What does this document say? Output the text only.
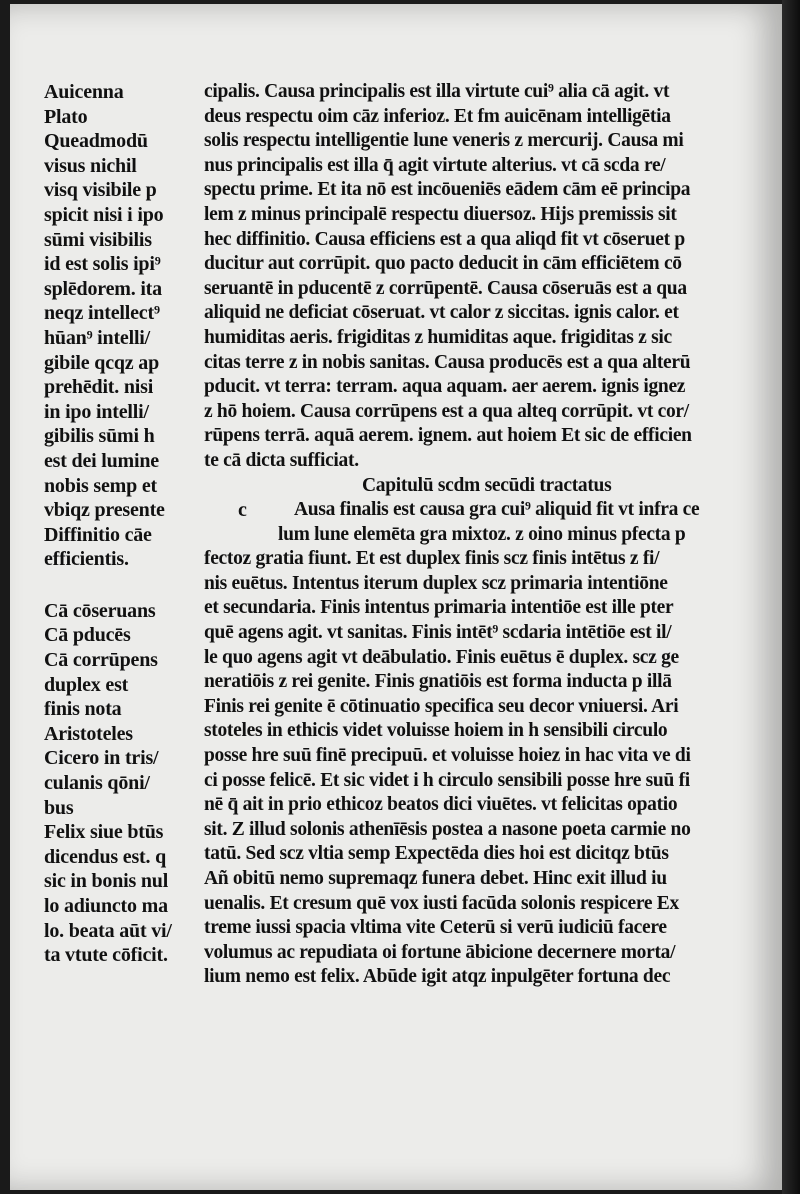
Auicenna
Plato
Queadmodū
visus nichil
visq visibile p
spicit nisi i ipo
sūmi visibilis
id est solis ipi⁹
splēdorem. ita
neqz intellect⁹
hūan⁹ intelli/
gibile qcqz ap
prehēdit. nisi
in ipo intelli/
gibilis sūmi h
est dei lumine
nobis semp et
vbiqz presente
Diffinitio cāe
efficientis.
Cā cōseruans
Cā pducēs
Cā corrūpens
duplex est
finis nota
Aristoteles
Cicero in tris/
culanis qōni/
bus
Felix siue btūs
dicendus est. q
sic in bonis nul
lo adiuncto ma
lo. beata aūt vi/
ta vtute cōficit.
cipalis. Causa principalis est illa virtute cui⁹ alia cā agit. vt
deus respectu oim cāz inferioz. Et fm auicēnam intelligētia
solis respectu intelligentie lune veneris z mercurij. Causa mi
nus principalis est illa q̄ agit virtute alterius. vt cā scda re/
spectu prime. Et ita nō est incōueniēs eādem cām eē principa
lem z minus principalē respectu diuersoz. Hijs premissis sit
hec diffinitio. Causa efficiens est a qua aliqd fit vt cōseruet p
ducitur aut corrūpit. quo pacto deducit in cām efficiētem cō
seruantē in pducentē z corrūpentē. Causa cōseruās est a qua
aliquid ne deficiat cōseruat. vt calor z siccitas. ignis calor. et
humiditas aeris. frigiditas z humiditas aque. frigiditas z sic
citas terre z in nobis sanitas. Causa producēs est a qua alterū
pducit. vt terra: terram. aqua aquam. aer aerem. ignis ignez
z hō hoiem. Causa corrūpens est a qua alteq corrūpit. vt cor/
rūpens terrā. aquā aerem. ignem. aut hoiem Et sic de efficien
te cā dicta sufficiat.
Capitulū scdm secūdi tractatus
c	Ausa finalis est causa gra cui⁹ aliquid fit vt infra ce
lum lune elemēta gra mixtoz. z oino minus pfecta p
fectoz gratia fiunt. Et est duplex finis scz finis intētus z fi/
nis euētus. Intentus iterum duplex scz primaria intentiōne
et secundaria. Finis intentus primaria intentiōe est ille pter
quē agens agit. vt sanitas. Finis intēt⁹ scdaria intētiōe est il/
le quo agens agit vt deābulatio. Finis euētus ē duplex. scz ge
neratiōis z rei genite. Finis gnatiōis est forma inducta p illā
Finis rei genite ē cōtinuatio specifica seu decor vniuersi. Ari
stoteles in ethicis videt voluisse hoiem in h sensibili circulo
posse hre suū finē precipuū. et voluisse hoiez in hac vita ve di
ci posse felicē. Et sic videt i h circulo sensibili posse hre suū fi
nē q̄ ait in prio ethicoz beatos dici viuētes. vt felicitas opatio
sit. Z illud solonis athenīēsis postea a nasone poeta carmie no
tatū. Sed scz vltia semp Expectēda dies hoi est dicitqz btūs
Añ obitū nemo supremaqz funera debet. Hinc exit illud iu
uenalis. Et cresum quē vox iusti facūda solonis respicere Ex
treme iussi spacia vltima vite Ceterū si verū iudiciū facere
volumus ac repudiata oi fortune ābicione decernere morta/
lium nemo est felix. Abūde igit atqz inpulgēter fortuna dec
